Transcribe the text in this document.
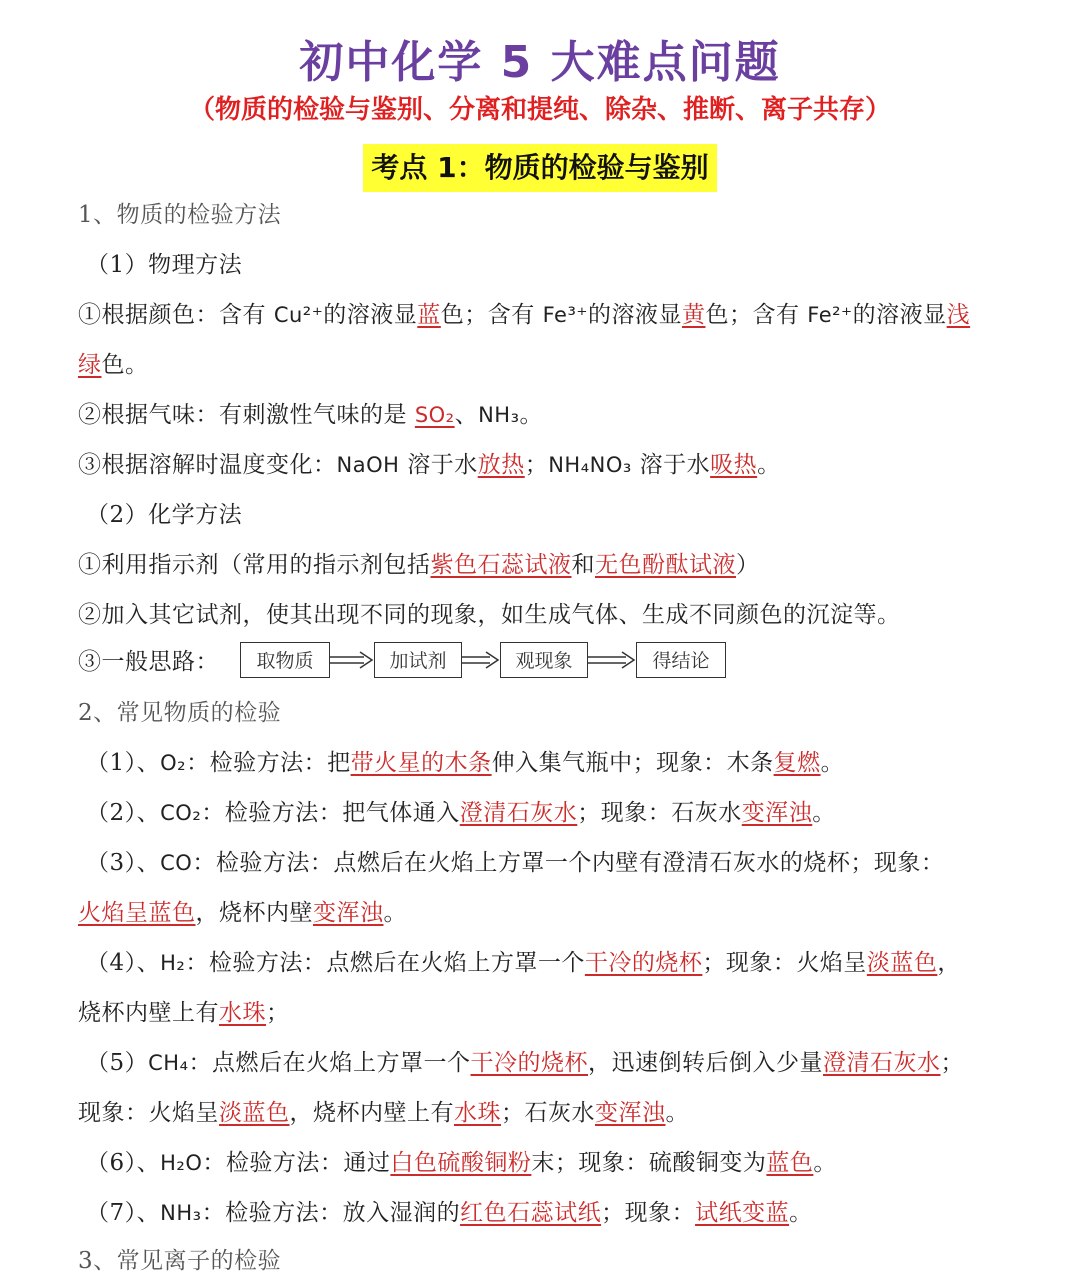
初中化学 5 大难点问题
（物质的检验与鉴别、分离和提纯、除杂、推断、离子共存）
考点 1：物质的检验与鉴别
1、物质的检验方法
（1）物理方法
①根据颜色：含有 Cu²⁺的溶液显蓝色；含有 Fe³⁺的溶液显黄色；含有 Fe²⁺的溶液显浅
绿色。
②根据气味：有刺激性气味的是 SO₂、NH₃。
③根据溶解时温度变化：NaOH 溶于水放热；NH₄NO₃ 溶于水吸热。
（2）化学方法
①利用指示剂（常用的指示剂包括紫色石蕊试液和无色酚酞试液）
②加入其它试剂，使其出现不同的现象，如生成气体、生成不同颜色的沉淀等。
③一般思路：	取物质	加试剂	观现象	得结论
2、常见物质的检验
（1）、O₂：检验方法：把带火星的木条伸入集气瓶中；现象：木条复燃。
（2）、CO₂：检验方法：把气体通入澄清石灰水；现象：石灰水变浑浊。
（3）、CO：检验方法：点燃后在火焰上方罩一个内壁有澄清石灰水的烧杯；现象：
火焰呈蓝色，烧杯内壁变浑浊。
（4）、H₂：检验方法：点燃后在火焰上方罩一个干冷的烧杯；现象：火焰呈淡蓝色，
烧杯内壁上有水珠；
（5）CH₄：点燃后在火焰上方罩一个干冷的烧杯，迅速倒转后倒入少量澄清石灰水；
现象：火焰呈淡蓝色，烧杯内壁上有水珠；石灰水变浑浊。
（6）、H₂O：检验方法：通过白色硫酸铜粉末；现象：硫酸铜变为蓝色。
（7）、NH₃：检验方法：放入湿润的红色石蕊试纸；现象：试纸变蓝。
3、常见离子的检验
